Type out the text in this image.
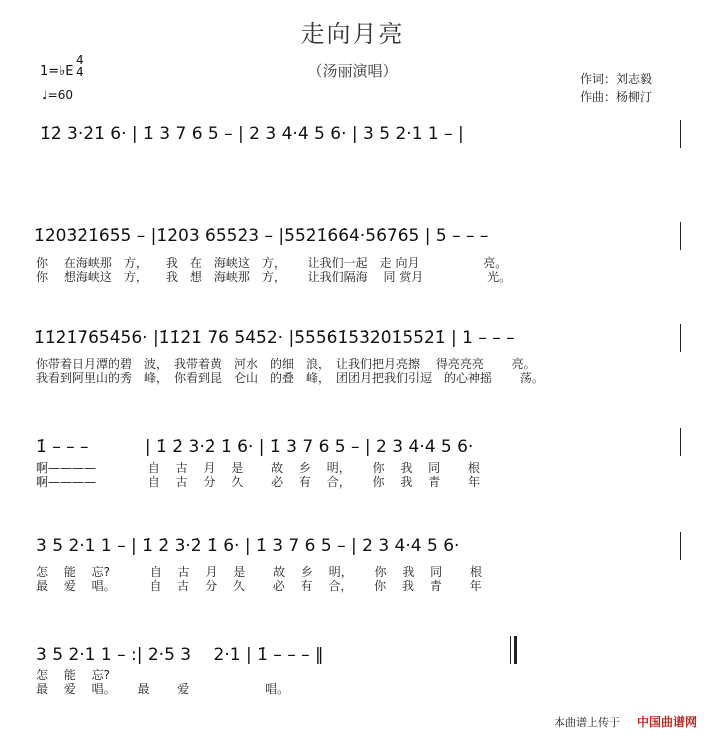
走向月亮
（汤丽演唱）
1=♭E
4
4
♩=60
作词：刘志毅
作曲：杨柳汀
1̇2̇ 3·2̇1̇ 6· | 1̇ 3 7 6 5 – | 2 3 4·4 5 6· | 3 5 2·1 1 – |
1̇2̇03̇2̇1̇6̇5̇5̇ – |1̇2̇03 6̇5̇5̇2̇3 – |5̇5̇2̇1̇6̇6̇4·5̇6̇7̇6̇5 | 5 – – –
你　 在海峡那　方，　　我　在　海峡这　方，　　 让我们一起　走 向月　　　　　 亮。
你　 想海峡这　方，　　我　想　海峡那　方，　　 让我们隔海　 同 赏月　　　　　 光。
1̇1̇2̇1̇7̇6̇5̇4̇5̇6· |1̇1̇2̇1̇ 7̇6 5̇4̇5̇2· |5̇5̇5̇6̇1̇5̇3̇2̇0̇1̇5̇5̇2̇1̇ | 1 – – –
你带着日月潭的碧　波，　我带着黄　河水　的细　浪，　让我们把月亮擦　 得亮亮亮　　 亮。
我看到阿里山的秀　峰，　你看到昆　仑山　的叠　峰，　团团月把我们引逗　的心神摇　　 荡。
1̇ – – –　　　 | 1̇ 2̇ 3·2̇ 1̇ 6· | 1̇ 3 7 6 5 – | 2 3 4·4 5 6·
啊————　　　　 自　 古　 月　 是　　 故　 乡　 明，　　 你　 我　 同　　 根
啊————　　　　 自　 古　 分　 久　　 必　 有　 合，　　 你　 我　 青　　 年
3 5 2·1 1 – | 1̇ 2̇ 3·2̇ 1̇ 6· | 1̇ 3 7 6 5 – | 2 3 4·4 5 6·
怎　 能　 忘?　　　 自　 古　 月　 是　　 故　 乡　 明，　　 你　 我　 同　　 根
最　 爱　 唱。　　　 自　 古　 分　 久　　 必　 有　 合，　　 你　 我　 青　　 年
3 5 2·1 1 – :| 2·5 3　 2·1 | 1̇ – – – ‖
怎　 能　 忘?
最　 爱　 唱。　　 最　　 爱　　　　　　 唱。
本曲谱上传于 中国曲谱网
